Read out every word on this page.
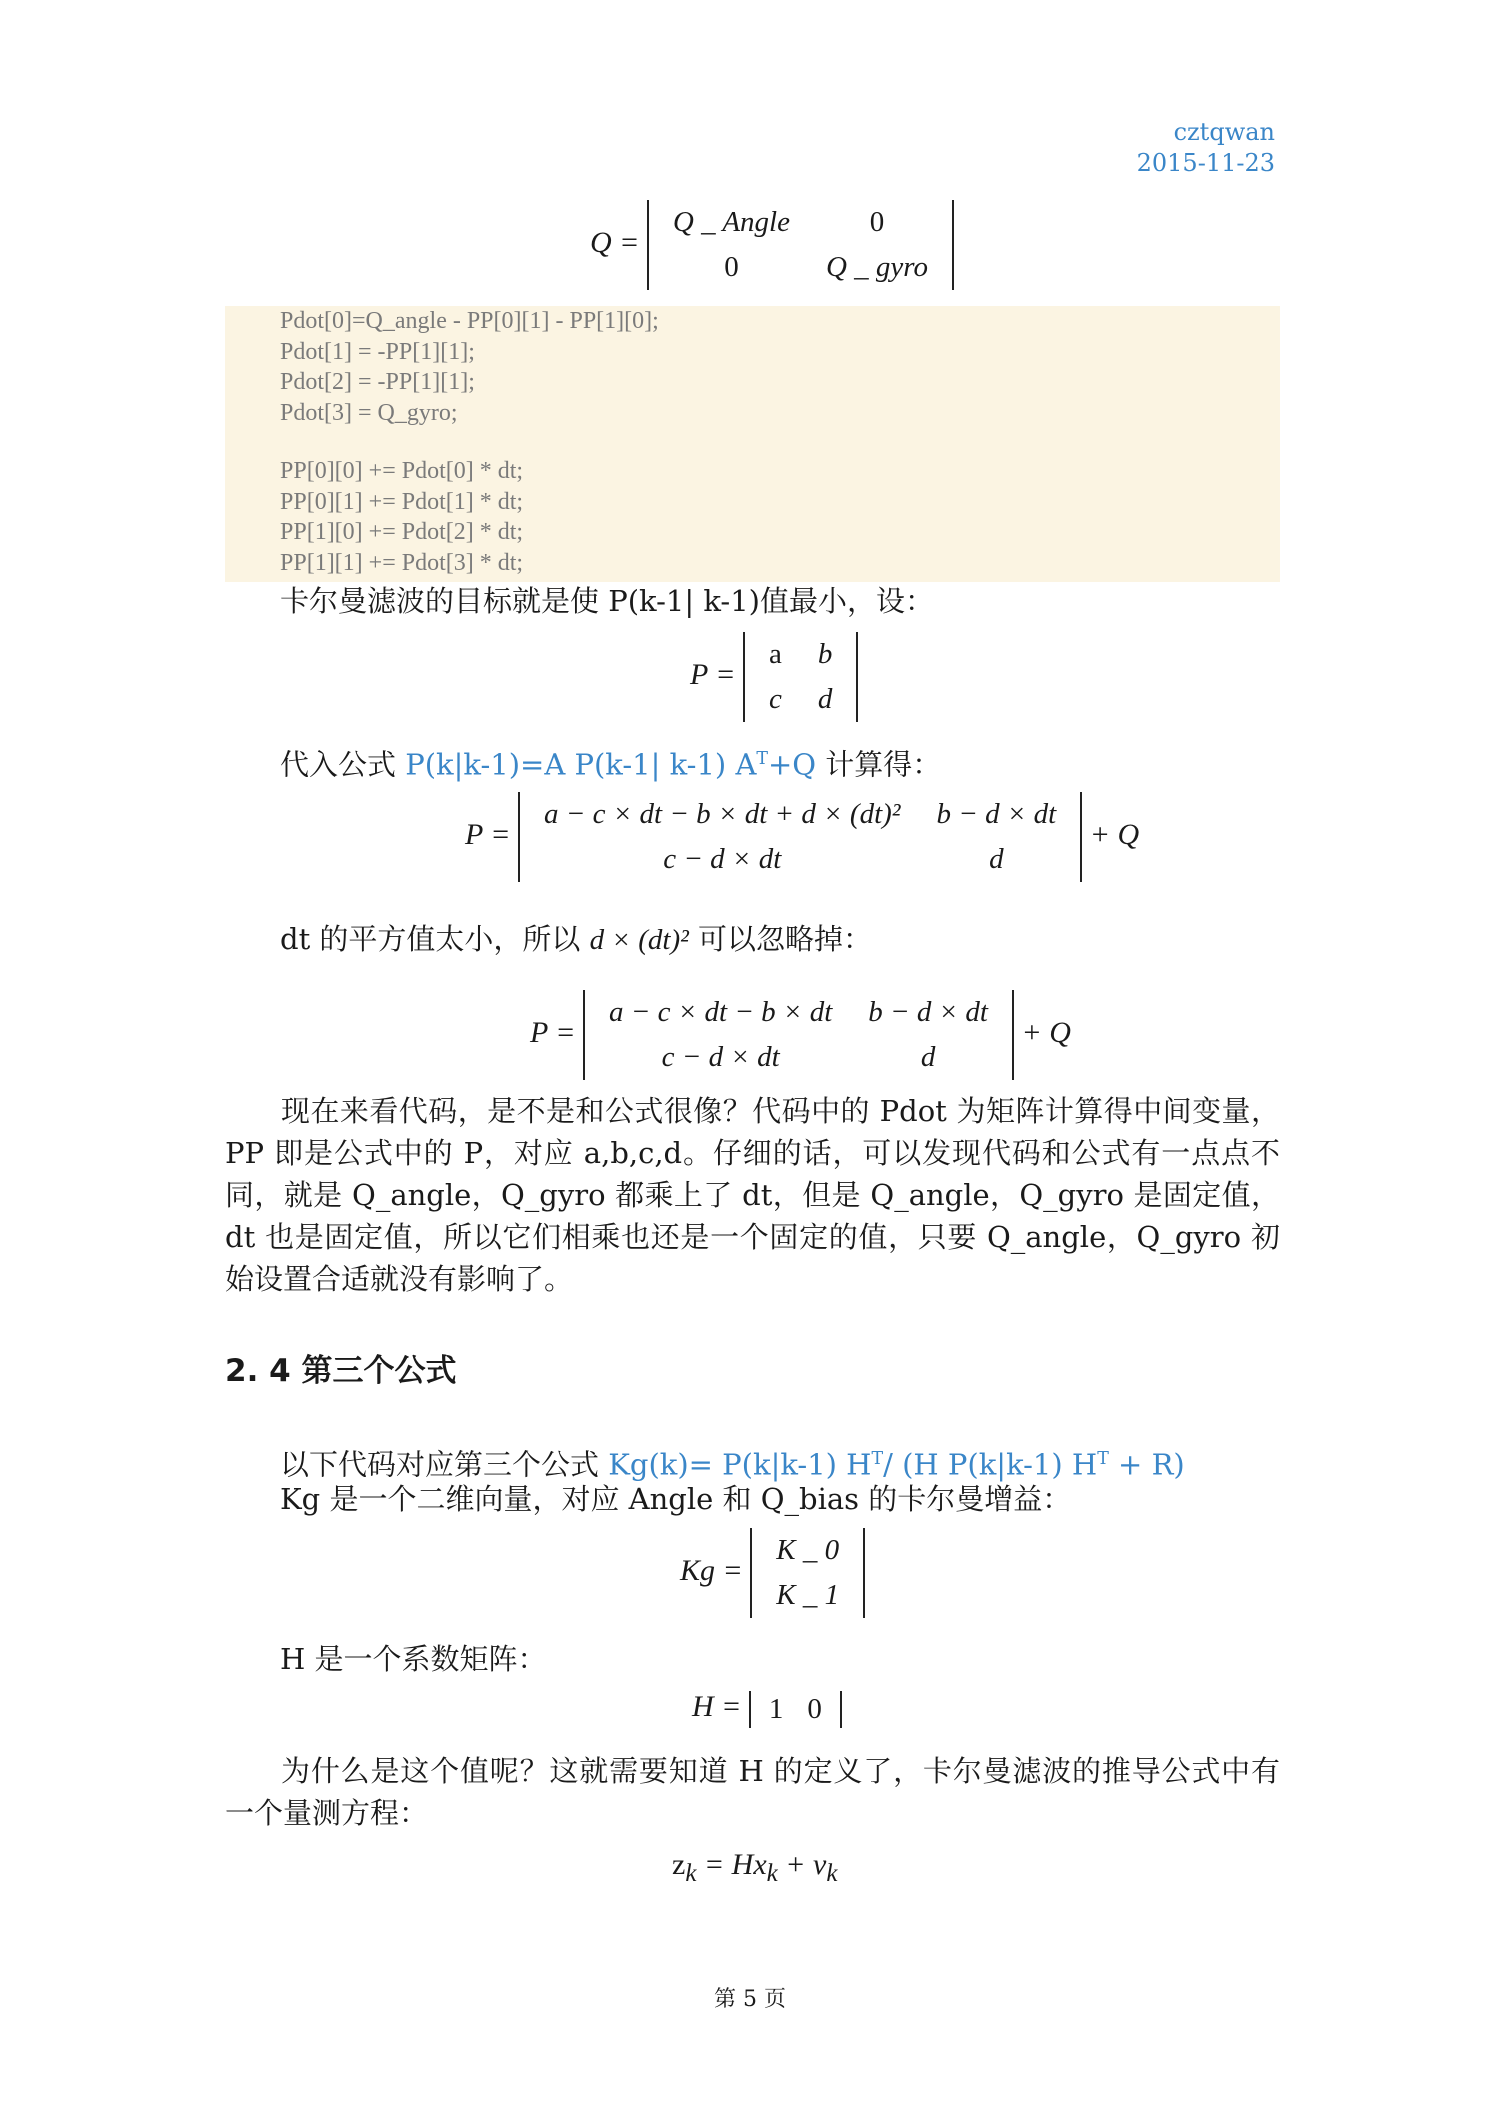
cztqwan
2015-11-23
Q =
Q _ Angle	0
0	Q _ gyro
Pdot[0]=Q_angle - PP[0][1] - PP[1][0];
Pdot[1] = -PP[1][1];
Pdot[2] = -PP[1][1];
Pdot[3] = Q_gyro;
PP[0][0] += Pdot[0] * dt;
PP[0][1] += Pdot[1] * dt;
PP[1][0] += Pdot[2] * dt;
PP[1][1] += Pdot[3] * dt;
卡尔曼滤波的目标就是使 P(k-1| k-1)值最小，设：
P =
a	b
c	d
代入公式 P(k|k-1)=A P(k-1| k-1) $A^T+Q$ 计算得：
P =
a − c × dt − b × dt + d × (dt)²	b − d × dt
c − d × dt	d
+ Q
dt 的平方值太小，所以 d × (dt)² 可以忽略掉：
P =
a − c × dt − b × dt	b − d × dt
c − d × dt	d
+ Q
现在来看代码，是不是和公式很像？代码中的 Pdot 为矩阵计算得中间变量，PP 即是公式中的 P，对应 a,b,c,d。仔细的话，可以发现代码和公式有一点点不同，就是 Q_angle，Q_gyro 都乘上了 dt，但是 Q_angle，Q_gyro 是固定值，dt 也是固定值，所以它们相乘也还是一个固定的值，只要 Q_angle，Q_gyro 初始设置合适就没有影响了。
2. 4 第三个公式
以下代码对应第三个公式 Kg(k)= P(k|k-1) $H^T/$ (H P(k|k-1) $H^T + R$)
Kg 是一个二维向量，对应 Angle 和 Q_bias 的卡尔曼增益：
Kg =
K _ 0
K _ 1
H 是一个系数矩阵：
H = 1	0
为什么是这个值呢？这就需要知道 H 的定义了，卡尔曼滤波的推导公式中有一个量测方程：
$z_k = Hx_k + v_k$
第 5 页
